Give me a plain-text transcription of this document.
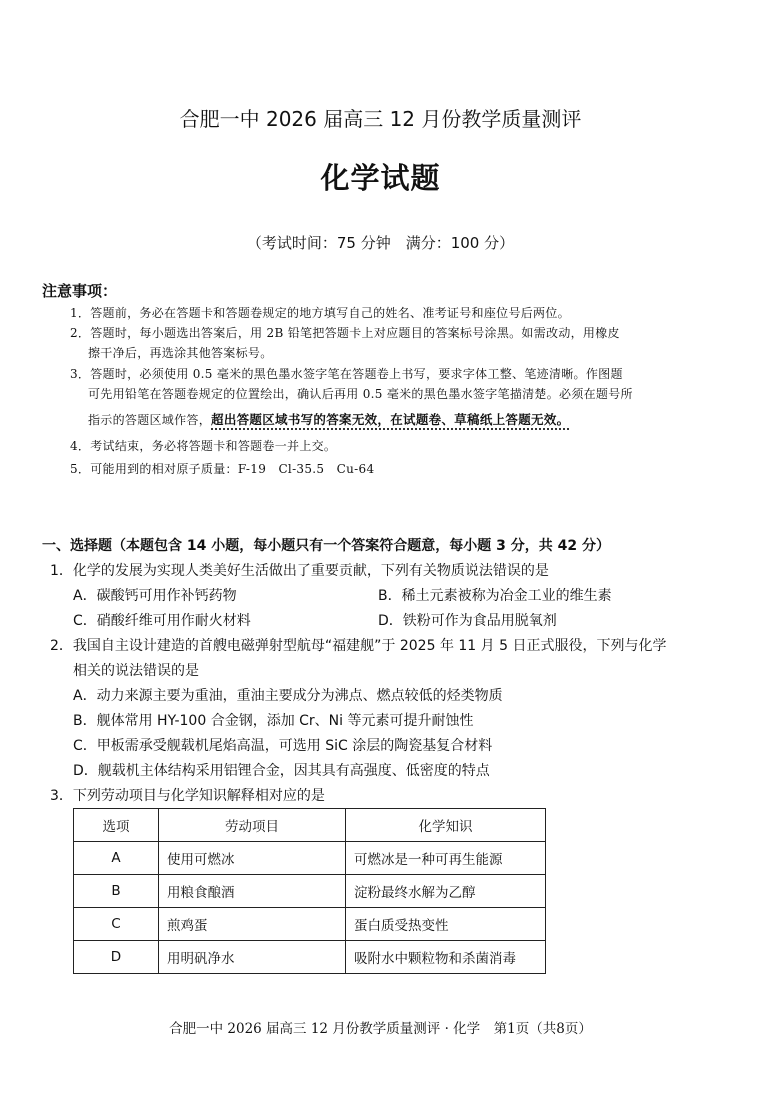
合肥一中 2026 届高三 12 月份教学质量测评
化学试题
（考试时间：75 分钟　满分：100 分）
注意事项：
1．答题前，务必在答题卡和答题卷规定的地方填写自己的姓名、准考证号和座位号后两位。
2．答题时，每小题选出答案后，用 2B 铅笔把答题卡上对应题目的答案标号涂黑。如需改动，用橡皮
擦干净后，再选涂其他答案标号。
3．答题时，必须使用 0.5 毫米的黑色墨水签字笔在答题卷上书写，要求字体工整、笔迹清晰。作图题
可先用铅笔在答题卷规定的位置绘出，确认后再用 0.5 毫米的黑色墨水签字笔描清楚。必须在题号所
指示的答题区域作答，超出答题区域书写的答案无效，在试题卷、草稿纸上答题无效。
4．考试结束，务必将答题卡和答题卷一并上交。
5．可能用到的相对原子质量：F-19　Cl-35.5　Cu-64
一、选择题（本题包含 14 小题，每小题只有一个答案符合题意，每小题 3 分，共 42 分）
1．化学的发展为实现人类美好生活做出了重要贡献，下列有关物质说法错误的是
A．碳酸钙可用作补钙药物	B．稀土元素被称为冶金工业的维生素
C．硝酸纤维可用作耐火材料	D．铁粉可作为食品用脱氧剂
2．我国自主设计建造的首艘电磁弹射型航母“福建舰”于 2025 年 11 月 5 日正式服役，下列与化学
相关的说法错误的是
A．动力来源主要为重油，重油主要成分为沸点、燃点较低的烃类物质
B．舰体常用 HY-100 合金钢，添加 Cr、Ni 等元素可提升耐蚀性
C．甲板需承受舰载机尾焰高温，可选用 SiC 涂层的陶瓷基复合材料
D．舰载机主体结构采用铝锂合金，因其具有高强度、低密度的特点
3．下列劳动项目与化学知识解释相对应的是
选项	劳动项目	化学知识
A	使用可燃冰	可燃冰是一种可再生能源
B	用粮食酿酒	淀粉最终水解为乙醇
C	煎鸡蛋	蛋白质受热变性
D	用明矾净水	吸附水中颗粒物和杀菌消毒
合肥一中 2026 届高三 12 月份教学质量测评 · 化学　第1页（共8页）
